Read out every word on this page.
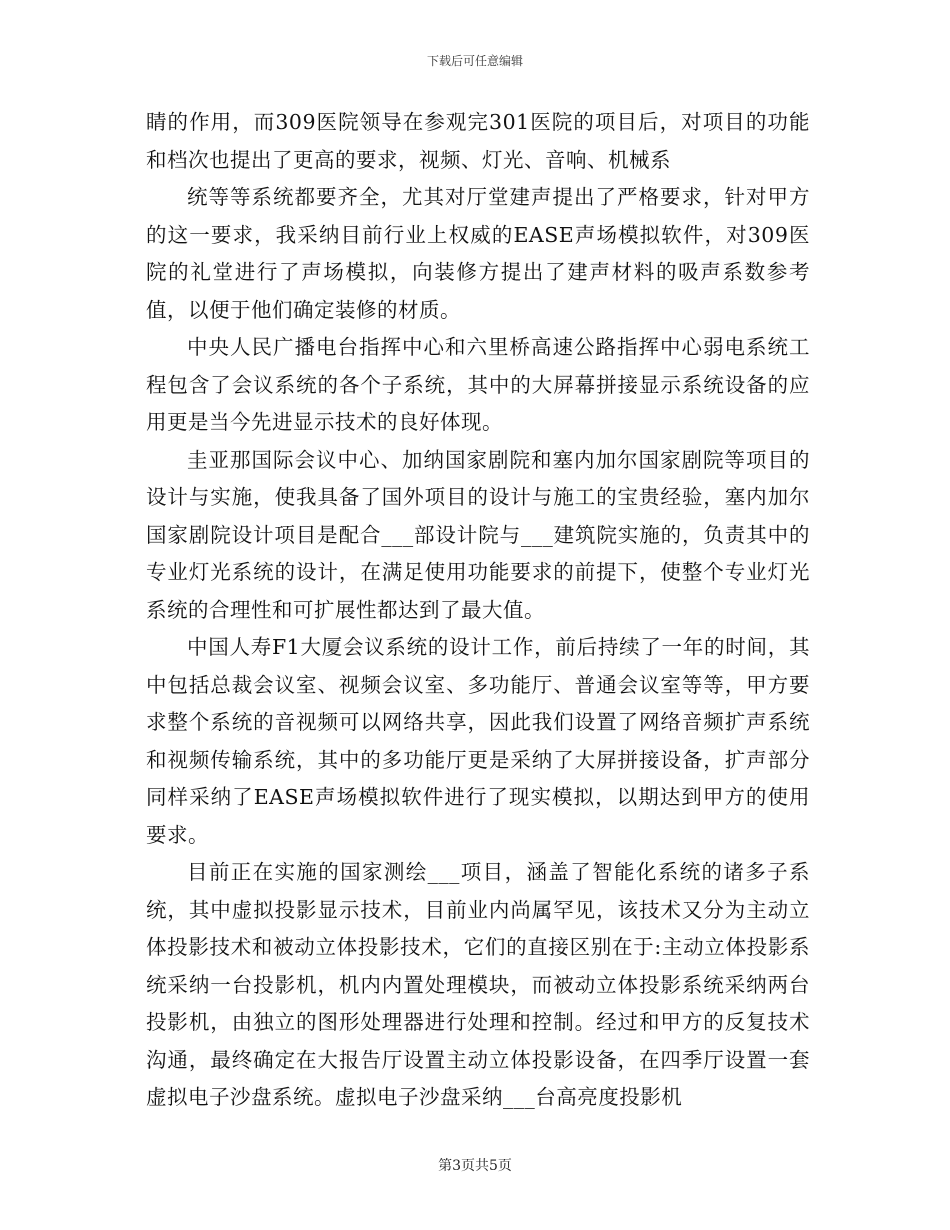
下载后可任意编辑

睛的作用，而309医院领导在参观完301医院的项目后，对项目的功能和档次也提出了更高的要求，视频、灯光、音响、机械系

统等等系统都要齐全，尤其对厅堂建声提出了严格要求，针对甲方的这一要求，我采纳目前行业上权威的EASE声场模拟软件，对309医院的礼堂进行了声场模拟，向装修方提出了建声材料的吸声系数参考值，以便于他们确定装修的材质。

中央人民广播电台指挥中心和六里桥高速公路指挥中心弱电系统工程包含了会议系统的各个子系统，其中的大屏幕拼接显示系统设备的应用更是当今先进显示技术的良好体现。

圭亚那国际会议中心、加纳国家剧院和塞内加尔国家剧院等项目的设计与实施，使我具备了国外项目的设计与施工的宝贵经验，塞内加尔国家剧院设计项目是配合___部设计院与___建筑院实施的，负责其中的专业灯光系统的设计，在满足使用功能要求的前提下，使整个专业灯光系统的合理性和可扩展性都达到了最大值。

中国人寿F1大厦会议系统的设计工作，前后持续了一年的时间，其中包括总裁会议室、视频会议室、多功能厅、普通会议室等等，甲方要求整个系统的音视频可以网络共享，因此我们设置了网络音频扩声系统和视频传输系统，其中的多功能厅更是采纳了大屏拼接设备，扩声部分同样采纳了EASE声场模拟软件进行了现实模拟，以期达到甲方的使用要求。

目前正在实施的国家测绘___项目，涵盖了智能化系统的诸多子系统，其中虚拟投影显示技术，目前业内尚属罕见，该技术又分为主动立体投影技术和被动立体投影技术，它们的直接区别在于:主动立体投影系统采纳一台投影机，机内内置处理模块，而被动立体投影系统采纳两台投影机，由独立的图形处理器进行处理和控制。经过和甲方的反复技术沟通，最终确定在大报告厅设置主动立体投影设备，在四季厅设置一套虚拟电子沙盘系统。虚拟电子沙盘采纳___台高亮度投影机

第3页共5页
